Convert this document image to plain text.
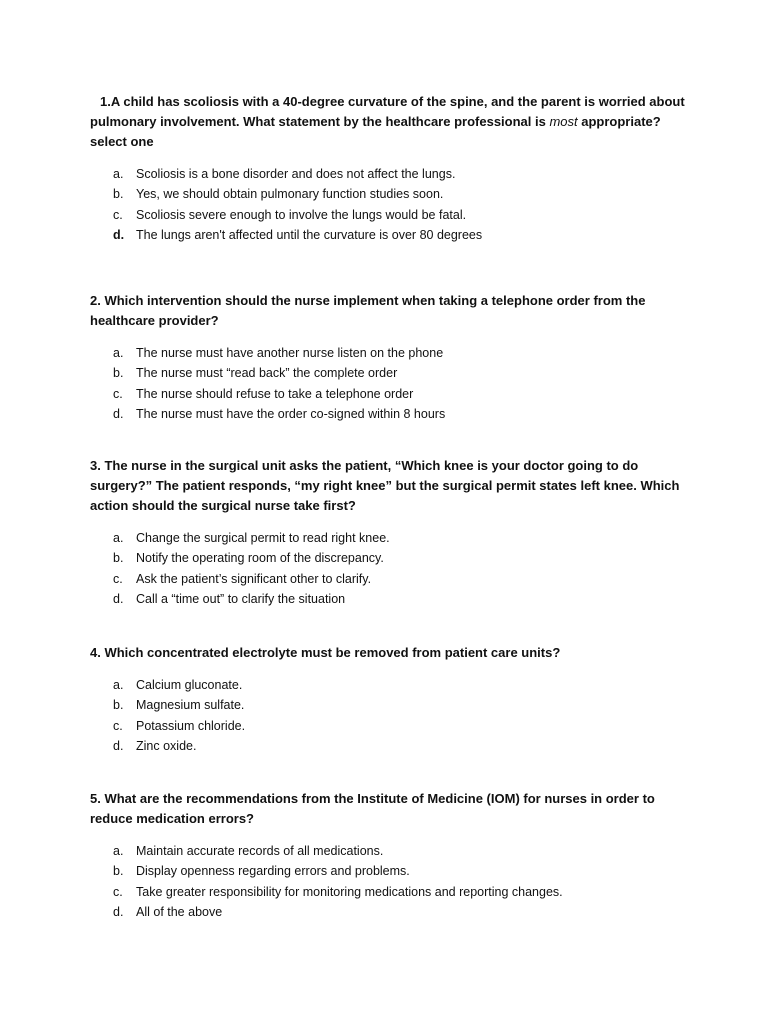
1.A child has scoliosis with a 40-degree curvature of the spine, and the parent is worried about pulmonary involvement. What statement by the healthcare professional is most appropriate? select one

a. Scoliosis is a bone disorder and does not affect the lungs.
b. Yes, we should obtain pulmonary function studies soon.
c. Scoliosis severe enough to involve the lungs would be fatal.
d. The lungs aren't affected until the curvature is over 80 degrees

2. Which intervention should the nurse implement when taking a telephone order from the healthcare provider?

a. The nurse must have another nurse listen on the phone
b. The nurse must “read back” the complete order
c. The nurse should refuse to take a telephone order
d. The nurse must have the order co-signed within 8 hours

3. The nurse in the surgical unit asks the patient, “Which knee is your doctor going to do surgery?” The patient responds, “my right knee” but the surgical permit states left knee. Which action should the surgical nurse take first?

a. Change the surgical permit to read right knee.
b. Notify the operating room of the discrepancy.
c. Ask the patient’s significant other to clarify.
d. Call a “time out” to clarify the situation

4. Which concentrated electrolyte must be removed from patient care units?

a. Calcium gluconate.
b. Magnesium sulfate.
c. Potassium chloride.
d. Zinc oxide.

5. What are the recommendations from the Institute of Medicine (IOM) for nurses in order to reduce medication errors?

a. Maintain accurate records of all medications.
b. Display openness regarding errors and problems.
c. Take greater responsibility for monitoring medications and reporting changes.
d. All of the above
